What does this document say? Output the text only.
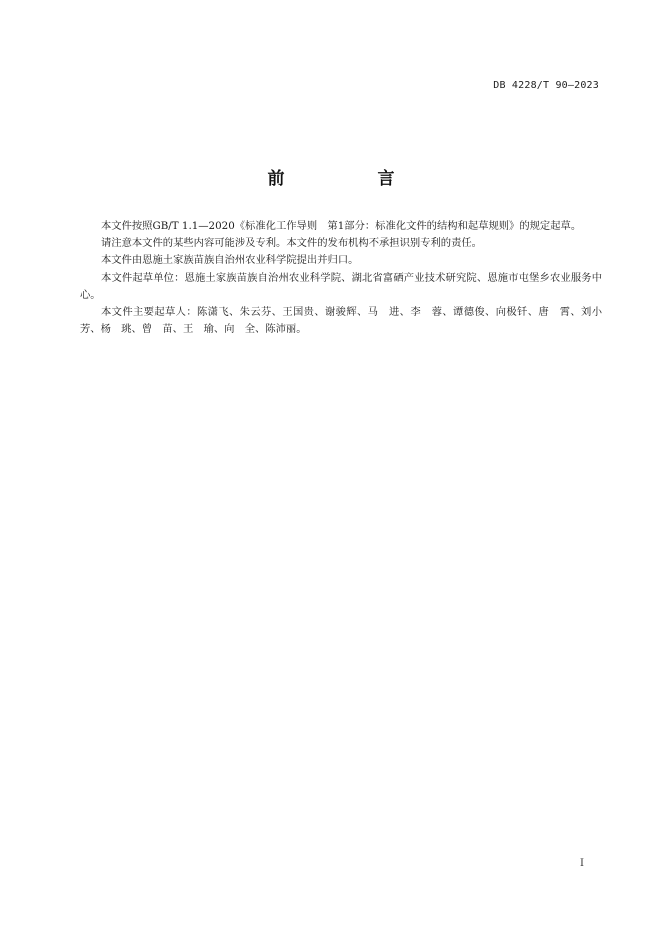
DB 4228/T 90—2023
前　言

本文件按照GB/T 1.1—2020《标准化工作导则　第1部分：标准化文件的结构和起草规则》的规定起草。

请注意本文件的某些内容可能涉及专利。本文件的发布机构不承担识别专利的责任。

本文件由恩施土家族苗族自治州农业科学院提出并归口。

本文件起草单位：恩施土家族苗族自治州农业科学院、湖北省富硒产业技术研究院、恩施市屯堡乡农业服务中心。

本文件主要起草人：陈潇飞、朱云芬、王国贵、谢骏辉、马　进、李　蓉、谭德俊、向极钎、唐　霄、刘小芳、杨　珧、曾　苗、王　瑜、向　全、陈沛丽。

I
